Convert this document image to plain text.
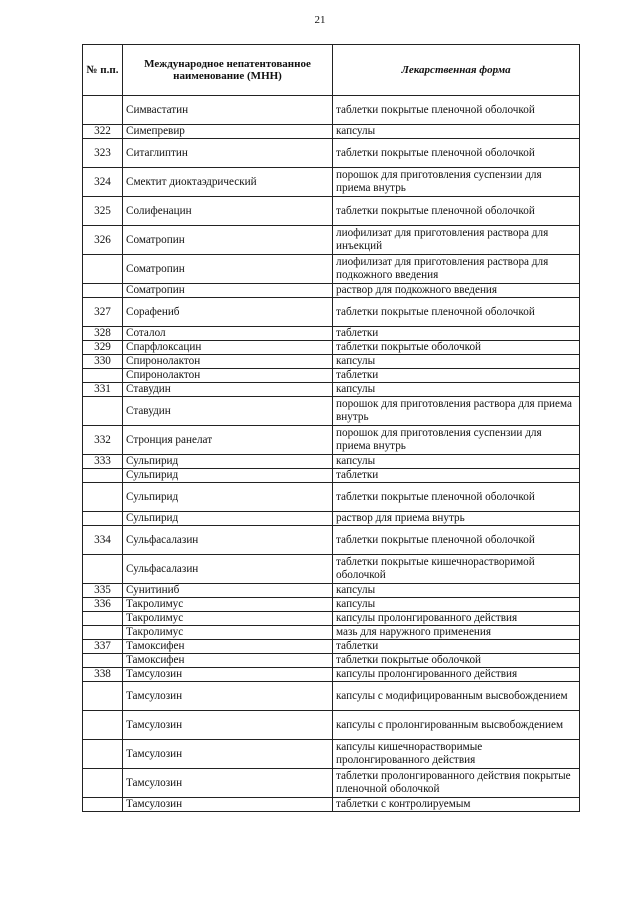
21
№ п.п.	Международное непатентованное наименование (МНН)	Лекарственная форма
	Симвастатин	таблетки покрытые пленочной оболочкой
322	Симепревир	капсулы
323	Ситаглиптин	таблетки покрытые пленочной оболочкой
324	Смектит диоктаэдрический	порошок для приготовления суспензии для приема внутрь
325	Солифенацин	таблетки покрытые пленочной оболочкой
326	Соматропин	лиофилизат для приготовления раствора для инъекций
	Соматропин	лиофилизат для приготовления раствора для подкожного введения
	Соматропин	раствор для подкожного введения
327	Сорафениб	таблетки покрытые пленочной оболочкой
328	Соталол	таблетки
329	Спарфлоксацин	таблетки покрытые оболочкой
330	Спиронолактон	капсулы
	Спиронолактон	таблетки
331	Ставудин	капсулы
	Ставудин	порошок для приготовления раствора для приема внутрь
332	Стронция ранелат	порошок для приготовления суспензии для приема внутрь
333	Сульпирид	капсулы
	Сульпирид	таблетки
	Сульпирид	таблетки покрытые пленочной оболочкой
	Сульпирид	раствор для приема внутрь
334	Сульфасалазин	таблетки покрытые пленочной оболочкой
	Сульфасалазин	таблетки покрытые кишечнорастворимой оболочкой
335	Сунитиниб	капсулы
336	Такролимус	капсулы
	Такролимус	капсулы пролонгированного действия
	Такролимус	мазь для наружного применения
337	Тамоксифен	таблетки
	Тамоксифен	таблетки покрытые оболочкой
338	Тамсулозин	капсулы пролонгированного действия
	Тамсулозин	капсулы с модифицированным высвобождением
	Тамсулозин	капсулы с пролонгированным высвобождением
	Тамсулозин	капсулы кишечнорастворимые пролонгированного действия
	Тамсулозин	таблетки пролонгированного действия покрытые пленочной оболочкой
	Тамсулозин	таблетки с контролируемым
